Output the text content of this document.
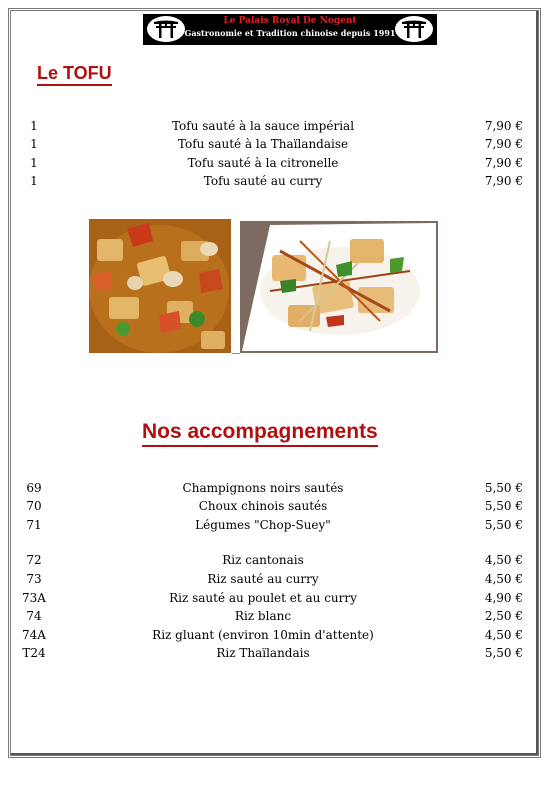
Le Palais Royal De Nogent
Gastronomie et Tradition chinoise depuis 1991
Le TOFU
1	Tofu sauté à la sauce impérial	7,90 €
1	Tofu sauté à la Thaïlandaise	7,90 €
1	Tofu sauté à la citronelle	7,90 €
1	Tofu sauté au curry	7,90 €
Nos accompagnements
69	Champignons noirs sautés	5,50 €
70	Choux chinois sautés	5,50 €
71	Légumes "Chop-Suey"	5,50 €
72	Riz cantonais	4,50 €
73	Riz sauté au curry	4,50 €
73A	Riz sauté au poulet et au curry	4,90 €
74	Riz blanc	2,50 €
74A	Riz gluant (environ 10min d'attente)	4,50 €
T24	Riz Thaïlandais	5,50 €
